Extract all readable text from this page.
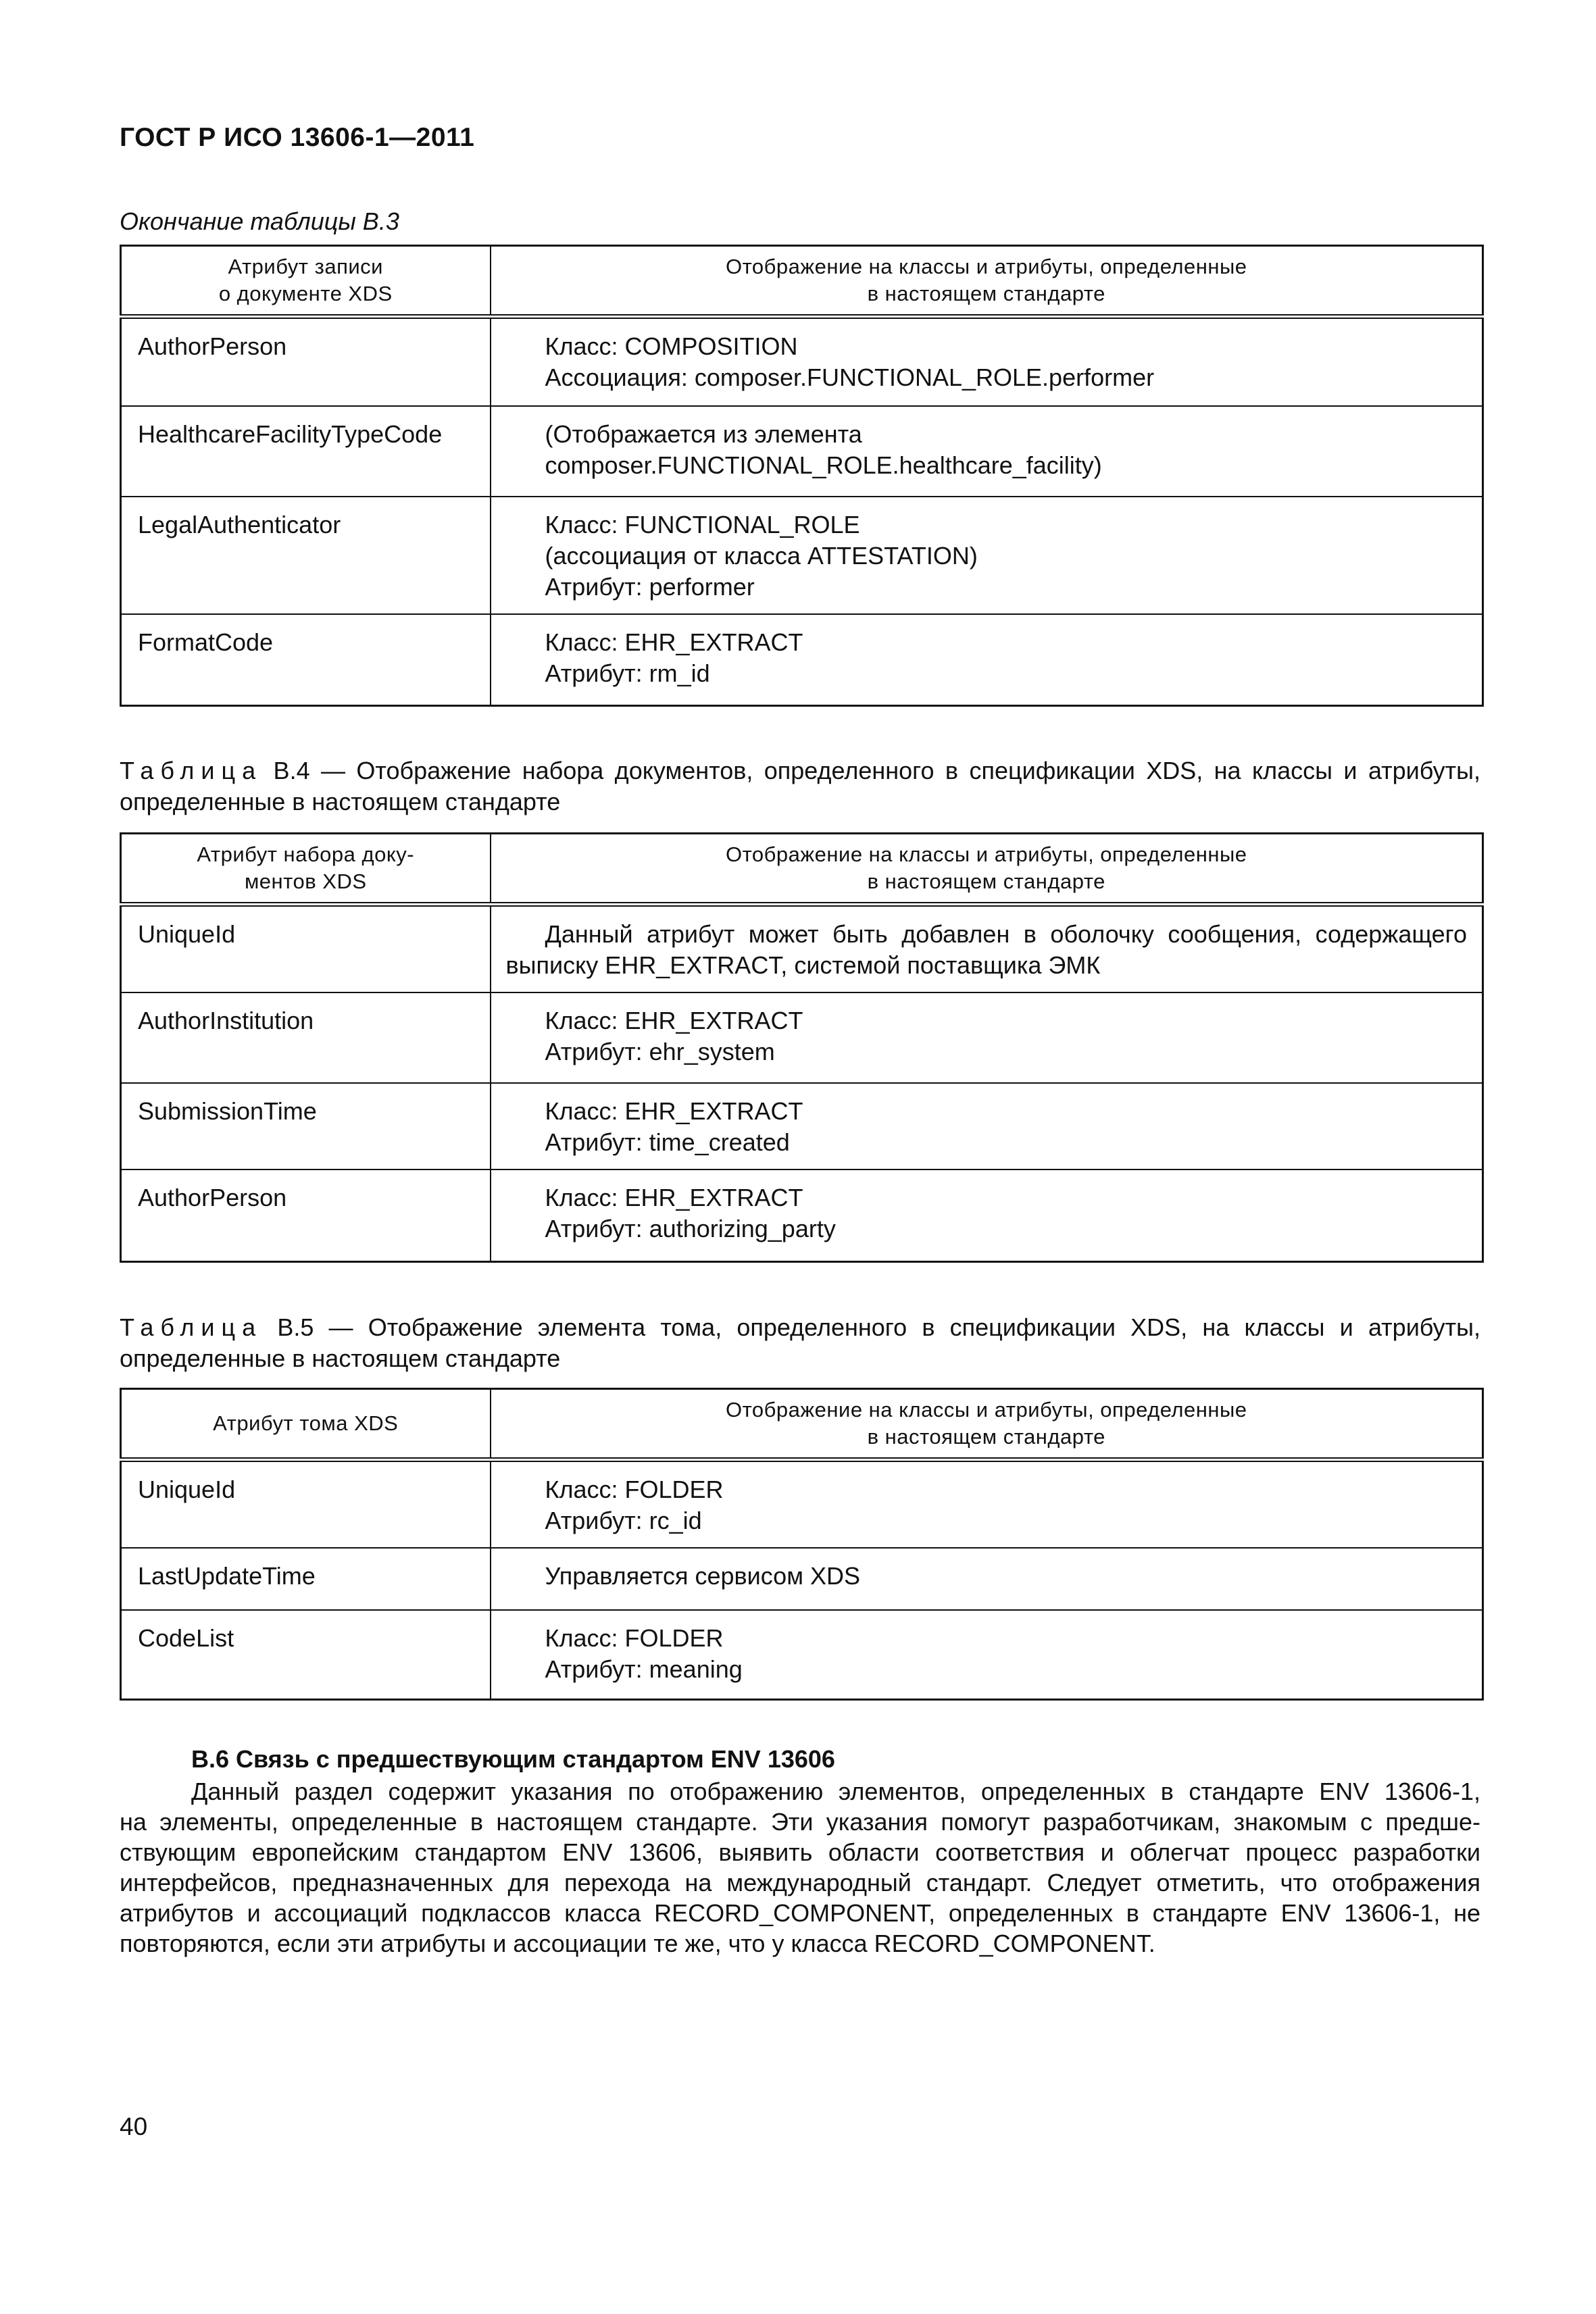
ГОСТ Р ИСО 13606-1—2011
Окончание таблицы В.3
Атрибут записи
о документе XDS	Отображение на классы и атрибуты, определенные
в настоящем стандарте

AuthorPerson	Класс: COMPOSITION
Ассоциация: composer.FUNCTIONAL_ROLE.performer

HealthcareFacilityTypeCode	(Отображается из элемента
composer.FUNCTIONAL_ROLE.healthcare_facility)

LegalAuthenticator	Класс: FUNCTIONAL_ROLE
(ассоциация от класса ATTESTATION)
Атрибут: performer

FormatCode	Класс: EHR_EXTRACT
Атрибут: rm_id
Таблица В.4 — Отображение набора документов, определенного в спецификации XDS, на классы и атрибуты, определенные в настоящем стандарте
Атрибут набора доку-
ментов XDS	Отображение на классы и атрибуты, определенные
в настоящем стандарте

UniqueId	Данный атрибут может быть добавлен в оболочку сообщения, содержащего выписку EHR_EXTRACT, системой поставщика ЭМК
AuthorInstitution	Класс: EHR_EXTRACT
Атрибут: ehr_system

SubmissionTime	Класс: EHR_EXTRACT
Атрибут: time_created

AuthorPerson	Класс: EHR_EXTRACT
Атрибут: authorizing_party
Таблица В.5 — Отображение элемента тома, определенного в спецификации XDS, на классы и атрибуты, определенные в настоящем стандарте
Атрибут тома XDS	Отображение на классы и атрибуты, определенные
в настоящем стандарте

UniqueId	Класс: FOLDER
Атрибут: rc_id

LastUpdateTime	Управляется сервисом XDS

CodeList	Класс: FOLDER
Атрибут: meaning
В.6 Связь с предшествующим стандартом ENV 13606
Данный раздел содержит указания по отображению элементов, определенных в стандарте ENV 13606-1,
на элементы, определенные в настоящем стандарте. Эти указания помогут разработчикам, знакомым с предше-
ствующим европейским стандартом ENV 13606, выявить области соответствия и облегчат процесс разработки
интерфейсов, предназначенных для перехода на международный стандарт. Следует отметить, что отображения
атрибутов и ассоциаций подклассов класса RECORD_COMPONENT, определенных в стандарте ENV 13606-1, не
повторяются, если эти атрибуты и ассоциации те же, что у класса RECORD_COMPONENT.
40
